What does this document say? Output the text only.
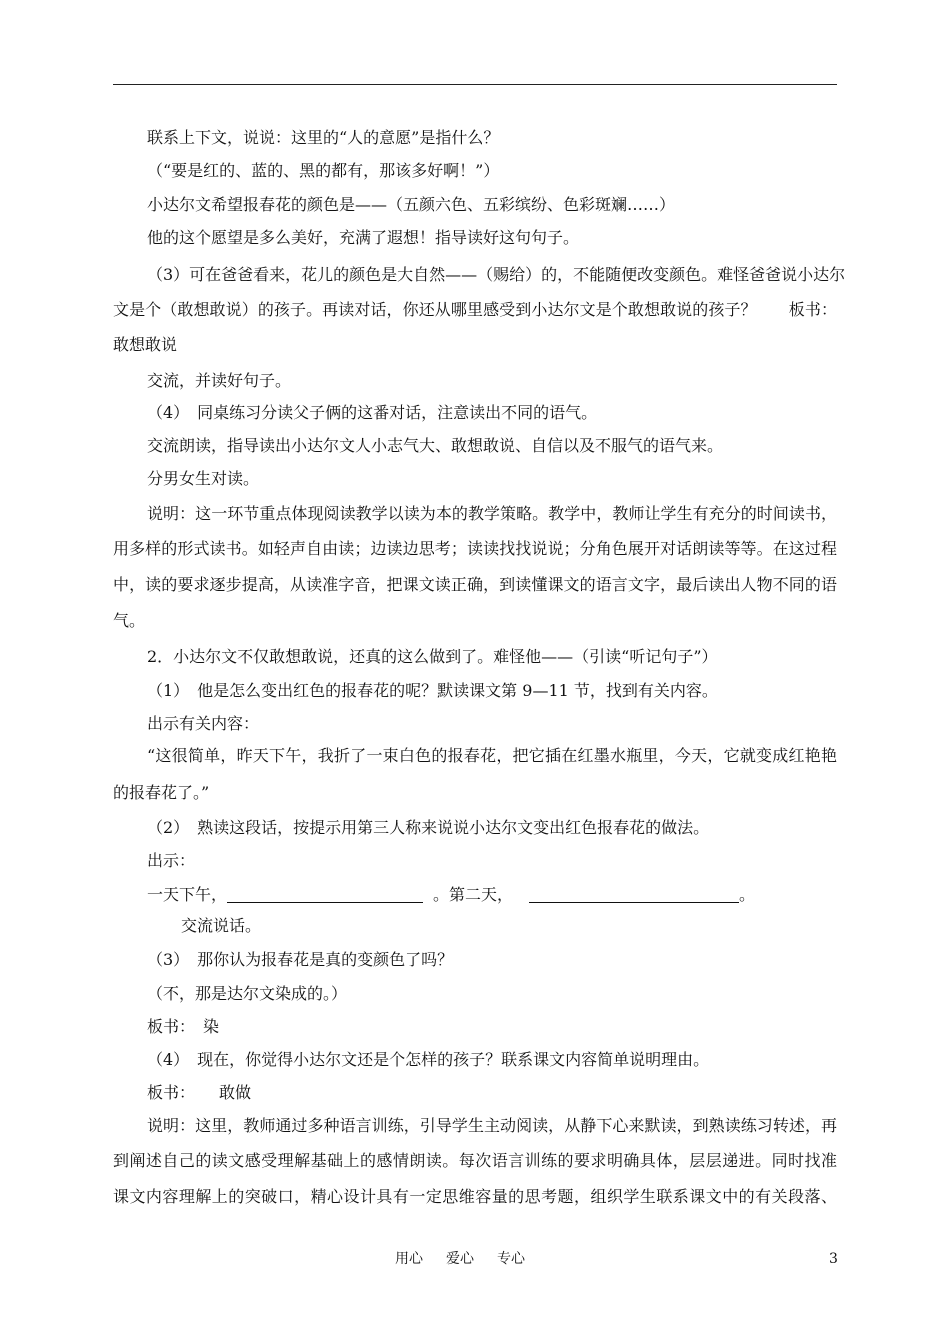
联系上下文，说说：这里的“人的意愿”是指什么？
（“要是红的、蓝的、黑的都有，那该多好啊！”）
小达尔文希望报春花的颜色是——（五颜六色、五彩缤纷、色彩斑斓……）
他的这个愿望是多么美好，充满了遐想！指导读好这句句子。
（3）可在爸爸看来，花儿的颜色是大自然——（赐给）的，不能随便改变颜色。难怪爸爸说小达尔
文是个（敢想敢说）的孩子。再读对话，你还从哪里感受到小达尔文是个敢想敢说的孩子？　　板书：
敢想敢说
交流，并读好句子。
（4）　同桌练习分读父子俩的这番对话，注意读出不同的语气。
交流朗读，指导读出小达尔文人小志气大、敢想敢说、自信以及不服气的语气来。
分男女生对读。
说明：这一环节重点体现阅读教学以读为本的教学策略。教学中，教师让学生有充分的时间读书，
用多样的形式读书。如轻声自由读；边读边思考；读读找找说说；分角色展开对话朗读等等。在这过程
中，读的要求逐步提高，从读准字音，把课文读正确，到读懂课文的语言文字，最后读出人物不同的语
气。
2．小达尔文不仅敢想敢说，还真的这么做到了。难怪他——（引读“听记句子”）
（1）　他是怎么变出红色的报春花的呢？默读课文第 9—11 节，找到有关内容。
出示有关内容：
“这很简单，昨天下午，我折了一束白色的报春花，把它插在红墨水瓶里，今天，它就变成红艳艳
的报春花了。”
（2）　熟读这段话，按提示用第三人称来说说小达尔文变出红色报春花的做法。
出示：
一天下午，	。第二天，	。
交流说话。
（3）　那你认为报春花是真的变颜色了吗？
（不，那是达尔文染成的。）
板书：　染
（4）　现在，你觉得小达尔文还是个怎样的孩子？联系课文内容简单说明理由。
板书：　　敢做
说明：这里，教师通过多种语言训练，引导学生主动阅读，从静下心来默读，到熟读练习转述，再
到阐述自己的读文感受理解基础上的感情朗读。每次语言训练的要求明确具体，层层递进。同时找准
课文内容理解上的突破口，精心设计具有一定思维容量的思考题，组织学生联系课文中的有关段落、
用心 爱心 专心	3
